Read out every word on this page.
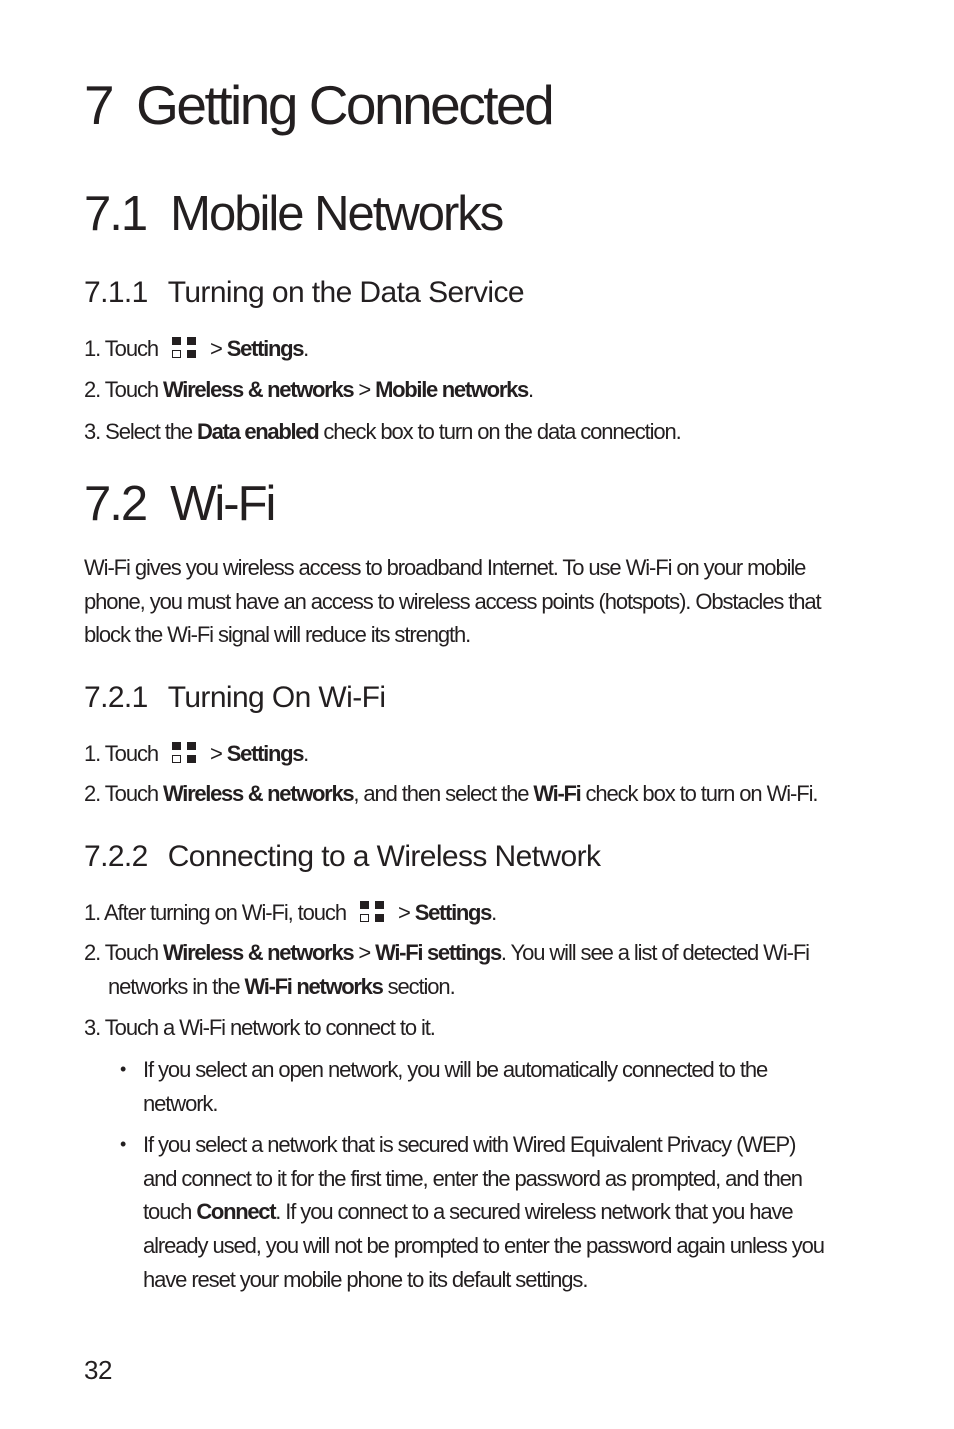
7 Getting Connected
7.1 Mobile Networks
7.1.1 Turning on the Data Service
1. Touch > Settings.
2. Touch Wireless & networks > Mobile networks.
3. Select the Data enabled check box to turn on the data connection.
7.2 Wi-Fi
Wi-Fi gives you wireless access to broadband Internet. To use Wi-Fi on your mobile
phone, you must have an access to wireless access points (hotspots). Obstacles that
block the Wi-Fi signal will reduce its strength.
7.2.1 Turning On Wi-Fi
1. Touch > Settings.
2. Touch Wireless & networks, and then select the Wi-Fi check box to turn on Wi-Fi.
7.2.2 Connecting to a Wireless Network
1. After turning on Wi-Fi, touch > Settings.
2. Touch Wireless & networks > Wi-Fi settings. You will see a list of detected Wi-Fi
networks in the Wi-Fi networks section.
3. Touch a Wi-Fi network to connect to it.
• If you select an open network, you will be automatically connected to the
network.
• If you select a network that is secured with Wired Equivalent Privacy (WEP)
and connect to it for the first time, enter the password as prompted, and then
touch Connect. If you connect to a secured wireless network that you have
already used, you will not be prompted to enter the password again unless you
have reset your mobile phone to its default settings.
32
